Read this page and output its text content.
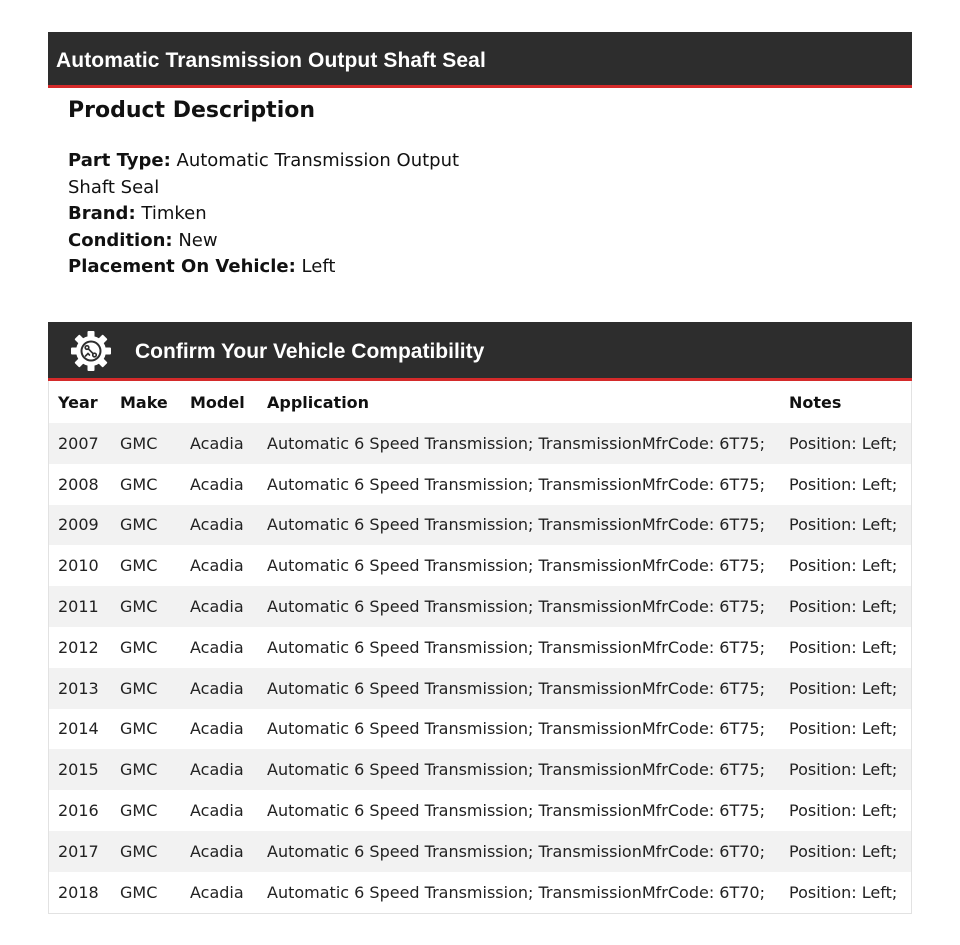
Automatic Transmission Output Shaft Seal
Product Description
Part Type: Automatic Transmission Output Shaft Seal
Brand: Timken
Condition: New
Placement On Vehicle: Left
Confirm Your Vehicle Compatibility
Year	Make	Model	Application	Notes
2007	GMC	Acadia	Automatic 6 Speed Transmission; TransmissionMfrCode: 6T75;	Position: Left;
2008	GMC	Acadia	Automatic 6 Speed Transmission; TransmissionMfrCode: 6T75;	Position: Left;
2009	GMC	Acadia	Automatic 6 Speed Transmission; TransmissionMfrCode: 6T75;	Position: Left;
2010	GMC	Acadia	Automatic 6 Speed Transmission; TransmissionMfrCode: 6T75;	Position: Left;
2011	GMC	Acadia	Automatic 6 Speed Transmission; TransmissionMfrCode: 6T75;	Position: Left;
2012	GMC	Acadia	Automatic 6 Speed Transmission; TransmissionMfrCode: 6T75;	Position: Left;
2013	GMC	Acadia	Automatic 6 Speed Transmission; TransmissionMfrCode: 6T75;	Position: Left;
2014	GMC	Acadia	Automatic 6 Speed Transmission; TransmissionMfrCode: 6T75;	Position: Left;
2015	GMC	Acadia	Automatic 6 Speed Transmission; TransmissionMfrCode: 6T75;	Position: Left;
2016	GMC	Acadia	Automatic 6 Speed Transmission; TransmissionMfrCode: 6T75;	Position: Left;
2017	GMC	Acadia	Automatic 6 Speed Transmission; TransmissionMfrCode: 6T70;	Position: Left;
2018	GMC	Acadia	Automatic 6 Speed Transmission; TransmissionMfrCode: 6T70;	Position: Left;
